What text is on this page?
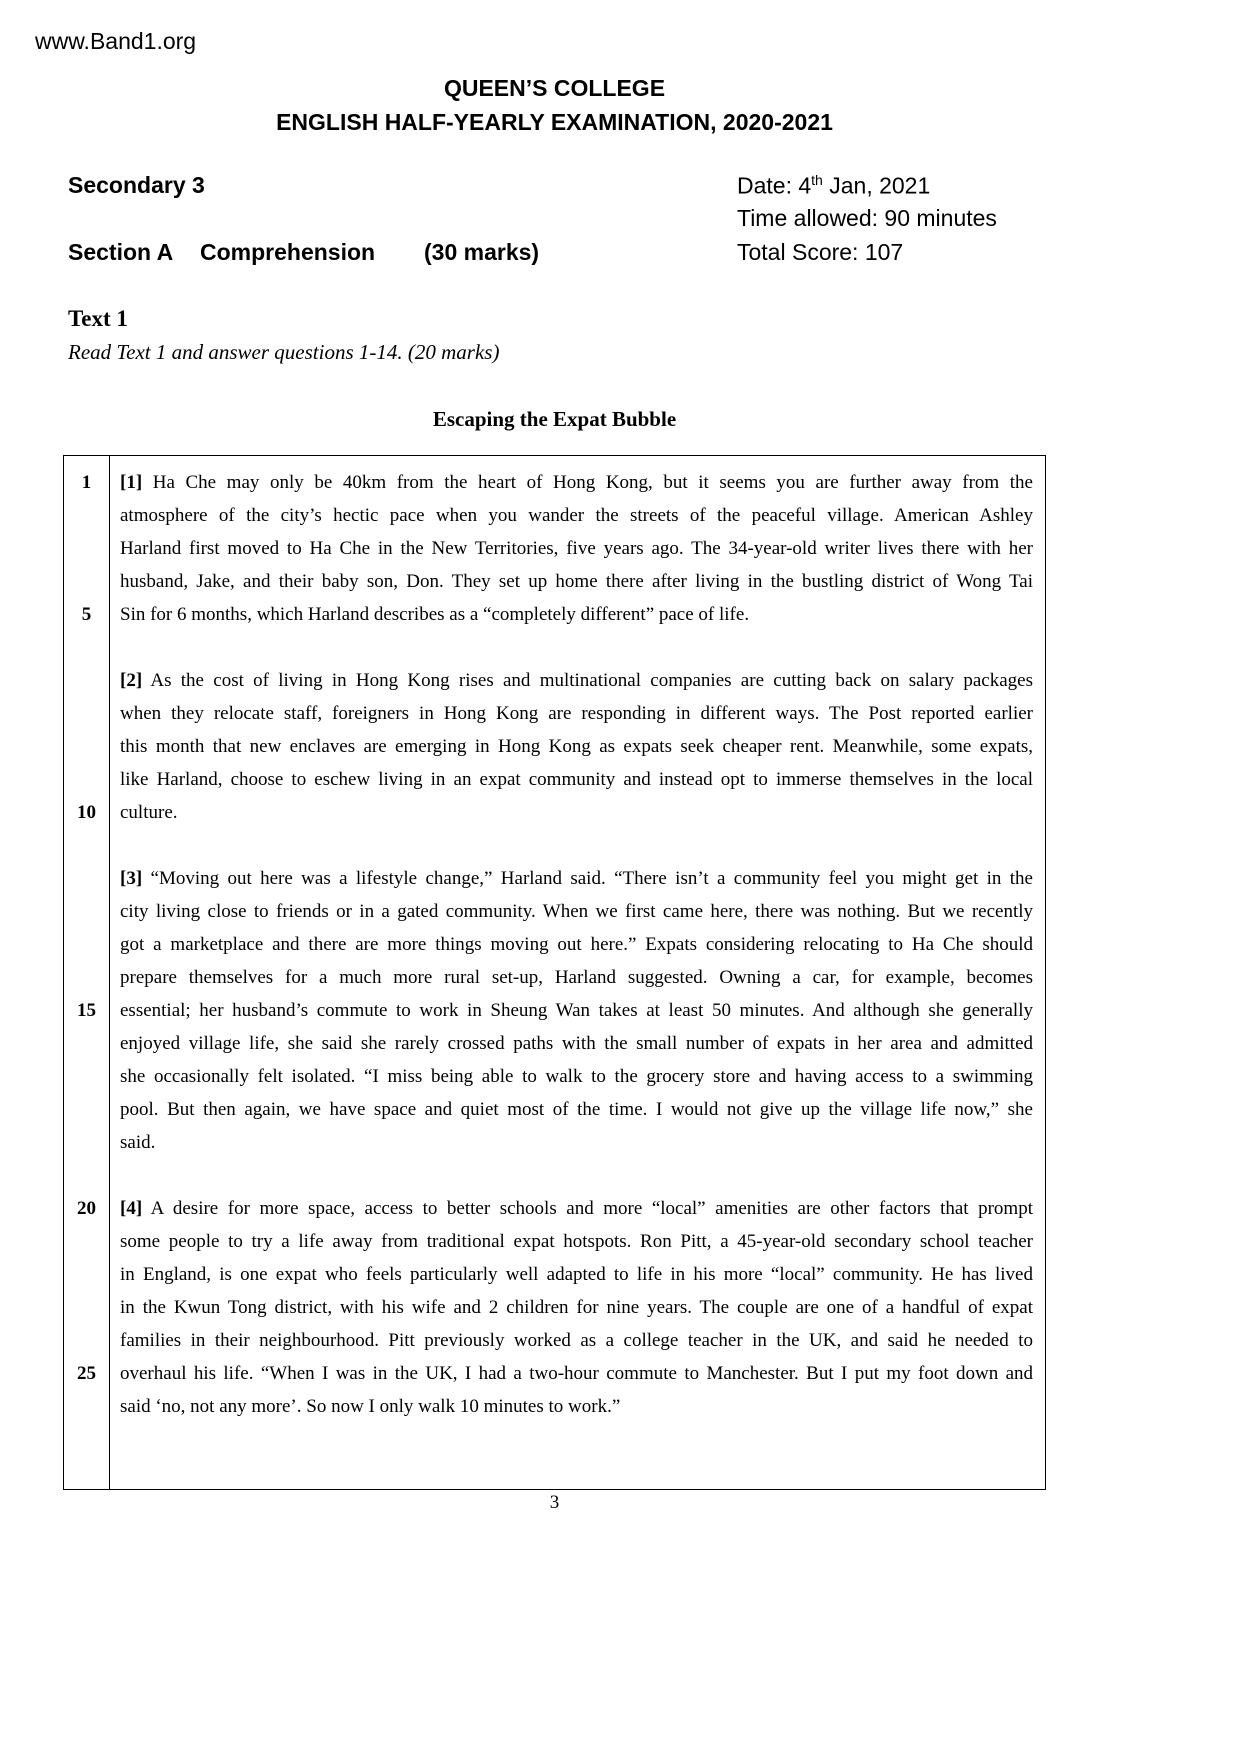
www.Band1.org
QUEEN’S COLLEGE
ENGLISH HALF-YEARLY EXAMINATION, 2020-2021
Secondary 3	Date: 4th Jan, 2021
Time allowed: 90 minutes
Total Score: 107
Section A Comprehension (30 marks)
Text 1
Read Text 1 and answer questions 1-14. (20 marks)
Escaping the Expat Bubble
1
5
10
15
20
25
[1] Ha Che may only be 40km from the heart of Hong Kong, but it seems you are further away from the
atmosphere of the city’s hectic pace when you wander the streets of the peaceful village. American Ashley
Harland first moved to Ha Che in the New Territories, five years ago. The 34-year-old writer lives there with her
husband, Jake, and their baby son, Don. They set up home there after living in the bustling district of Wong Tai
Sin for 6 months, which Harland describes as a “completely different” pace of life.
[2] As the cost of living in Hong Kong rises and multinational companies are cutting back on salary packages
when they relocate staff, foreigners in Hong Kong are responding in different ways. The Post reported earlier
this month that new enclaves are emerging in Hong Kong as expats seek cheaper rent. Meanwhile, some expats,
like Harland, choose to eschew living in an expat community and instead opt to immerse themselves in the local
culture.
[3] “Moving out here was a lifestyle change,” Harland said. “There isn’t a community feel you might get in the
city living close to friends or in a gated community. When we first came here, there was nothing. But we recently
got a marketplace and there are more things moving out here.” Expats considering relocating to Ha Che should
prepare themselves for a much more rural set-up, Harland suggested. Owning a car, for example, becomes
essential; her husband’s commute to work in Sheung Wan takes at least 50 minutes. And although she generally
enjoyed village life, she said she rarely crossed paths with the small number of expats in her area and admitted
she occasionally felt isolated. “I miss being able to walk to the grocery store and having access to a swimming
pool. But then again, we have space and quiet most of the time. I would not give up the village life now,” she
said.
[4] A desire for more space, access to better schools and more “local” amenities are other factors that prompt
some people to try a life away from traditional expat hotspots. Ron Pitt, a 45-year-old secondary school teacher
in England, is one expat who feels particularly well adapted to life in his more “local” community. He has lived
in the Kwun Tong district, with his wife and 2 children for nine years. The couple are one of a handful of expat
families in their neighbourhood. Pitt previously worked as a college teacher in the UK, and said he needed to
overhaul his life. “When I was in the UK, I had a two-hour commute to Manchester. But I put my foot down and
said ‘no, not any more’. So now I only walk 10 minutes to work.”
3
